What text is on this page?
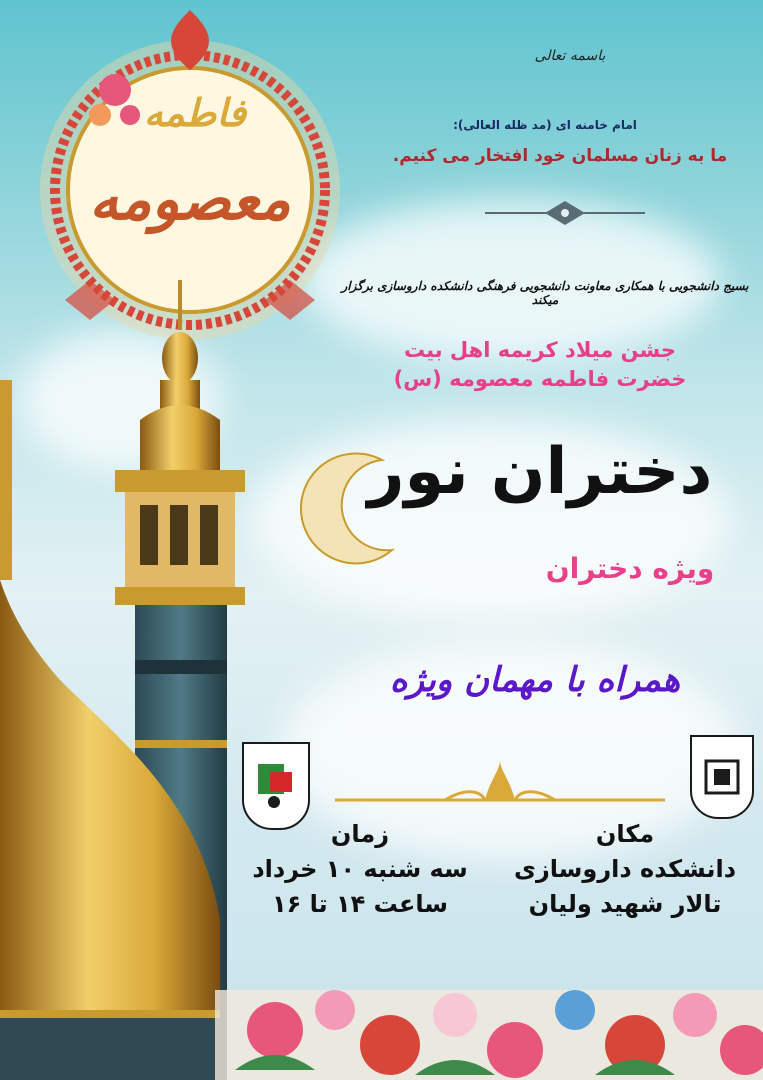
معصومه
فاطمه
باسمه تعالی
امام خامنه ای (مد ظله العالی):
ما به زنان مسلمان خود افتخار می کنیم.
بسیج دانشجویی با همکاری معاونت دانشجویی فرهنگی دانشکده داروسازی برگزار میکند
جشن میلاد کریمه اهل بیت
خضرت فاطمه معصومه (س)
دختران نور
ویژه دختران
همراه با مهمان ویژه
زمان
سه شنبه ۱۰ خرداد
ساعت ۱۴ تا ۱۶
مکان
دانشکده داروسازی
تالار شهید ولیان
